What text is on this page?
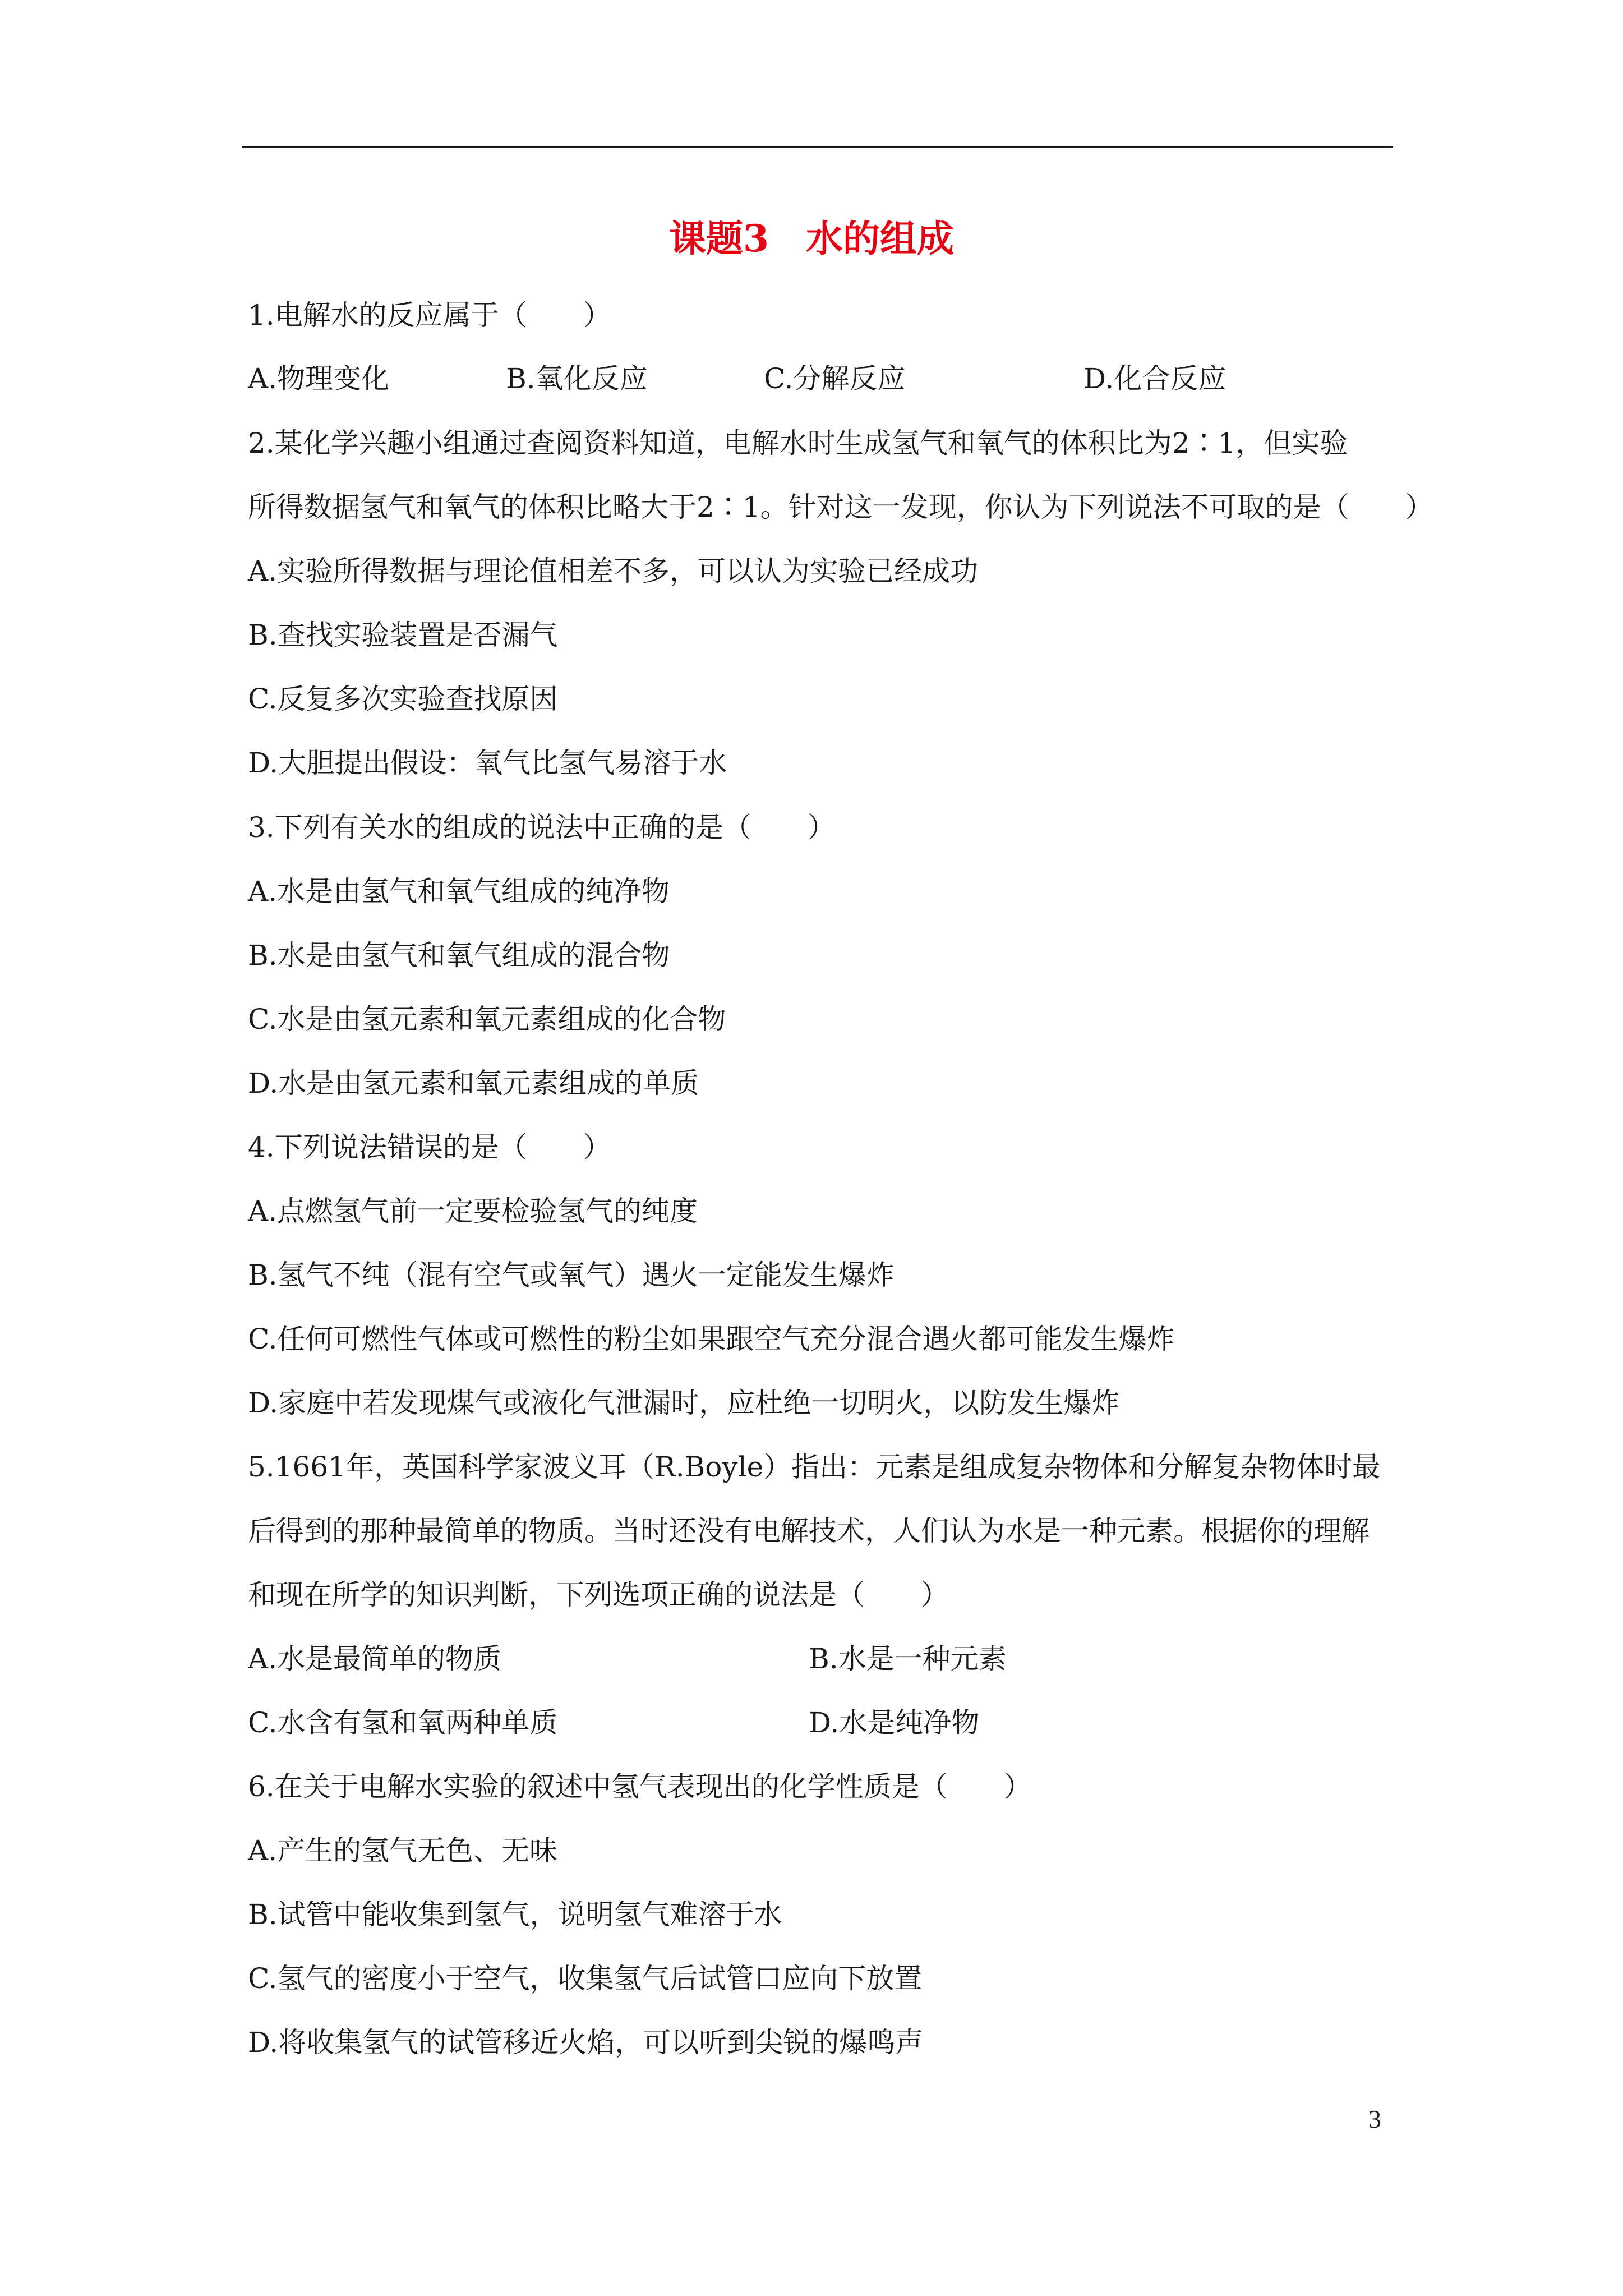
课题3　水的组成
1.电解水的反应属于（　　）
A.物理变化	B.氧化反应	C.分解反应	D.化合反应
2.某化学兴趣小组通过查阅资料知道，电解水时生成氢气和氧气的体积比为2∶1，但实验
所得数据氢气和氧气的体积比略大于2∶1。针对这一发现，你认为下列说法不可取的是（　　）
A.实验所得数据与理论值相差不多，可以认为实验已经成功
B.查找实验装置是否漏气
C.反复多次实验查找原因
D.大胆提出假设：氧气比氢气易溶于水
3.下列有关水的组成的说法中正确的是（　　）
A.水是由氢气和氧气组成的纯净物
B.水是由氢气和氧气组成的混合物
C.水是由氢元素和氧元素组成的化合物
D.水是由氢元素和氧元素组成的单质
4.下列说法错误的是（　　）
A.点燃氢气前一定要检验氢气的纯度
B.氢气不纯（混有空气或氧气）遇火一定能发生爆炸
C.任何可燃性气体或可燃性的粉尘如果跟空气充分混合遇火都可能发生爆炸
D.家庭中若发现煤气或液化气泄漏时，应杜绝一切明火，以防发生爆炸
5.1661年，英国科学家波义耳（R.Boyle）指出：元素是组成复杂物体和分解复杂物体时最
后得到的那种最简单的物质。当时还没有电解技术，人们认为水是一种元素。根据你的理解
和现在所学的知识判断，下列选项正确的说法是（　　）
A.水是最简单的物质	B.水是一种元素
C.水含有氢和氧两种单质	D.水是纯净物
6.在关于电解水实验的叙述中氢气表现出的化学性质是（　　）
A.产生的氢气无色、无味
B.试管中能收集到氢气，说明氢气难溶于水
C.氢气的密度小于空气，收集氢气后试管口应向下放置
D.将收集氢气的试管移近火焰，可以听到尖锐的爆鸣声
3
